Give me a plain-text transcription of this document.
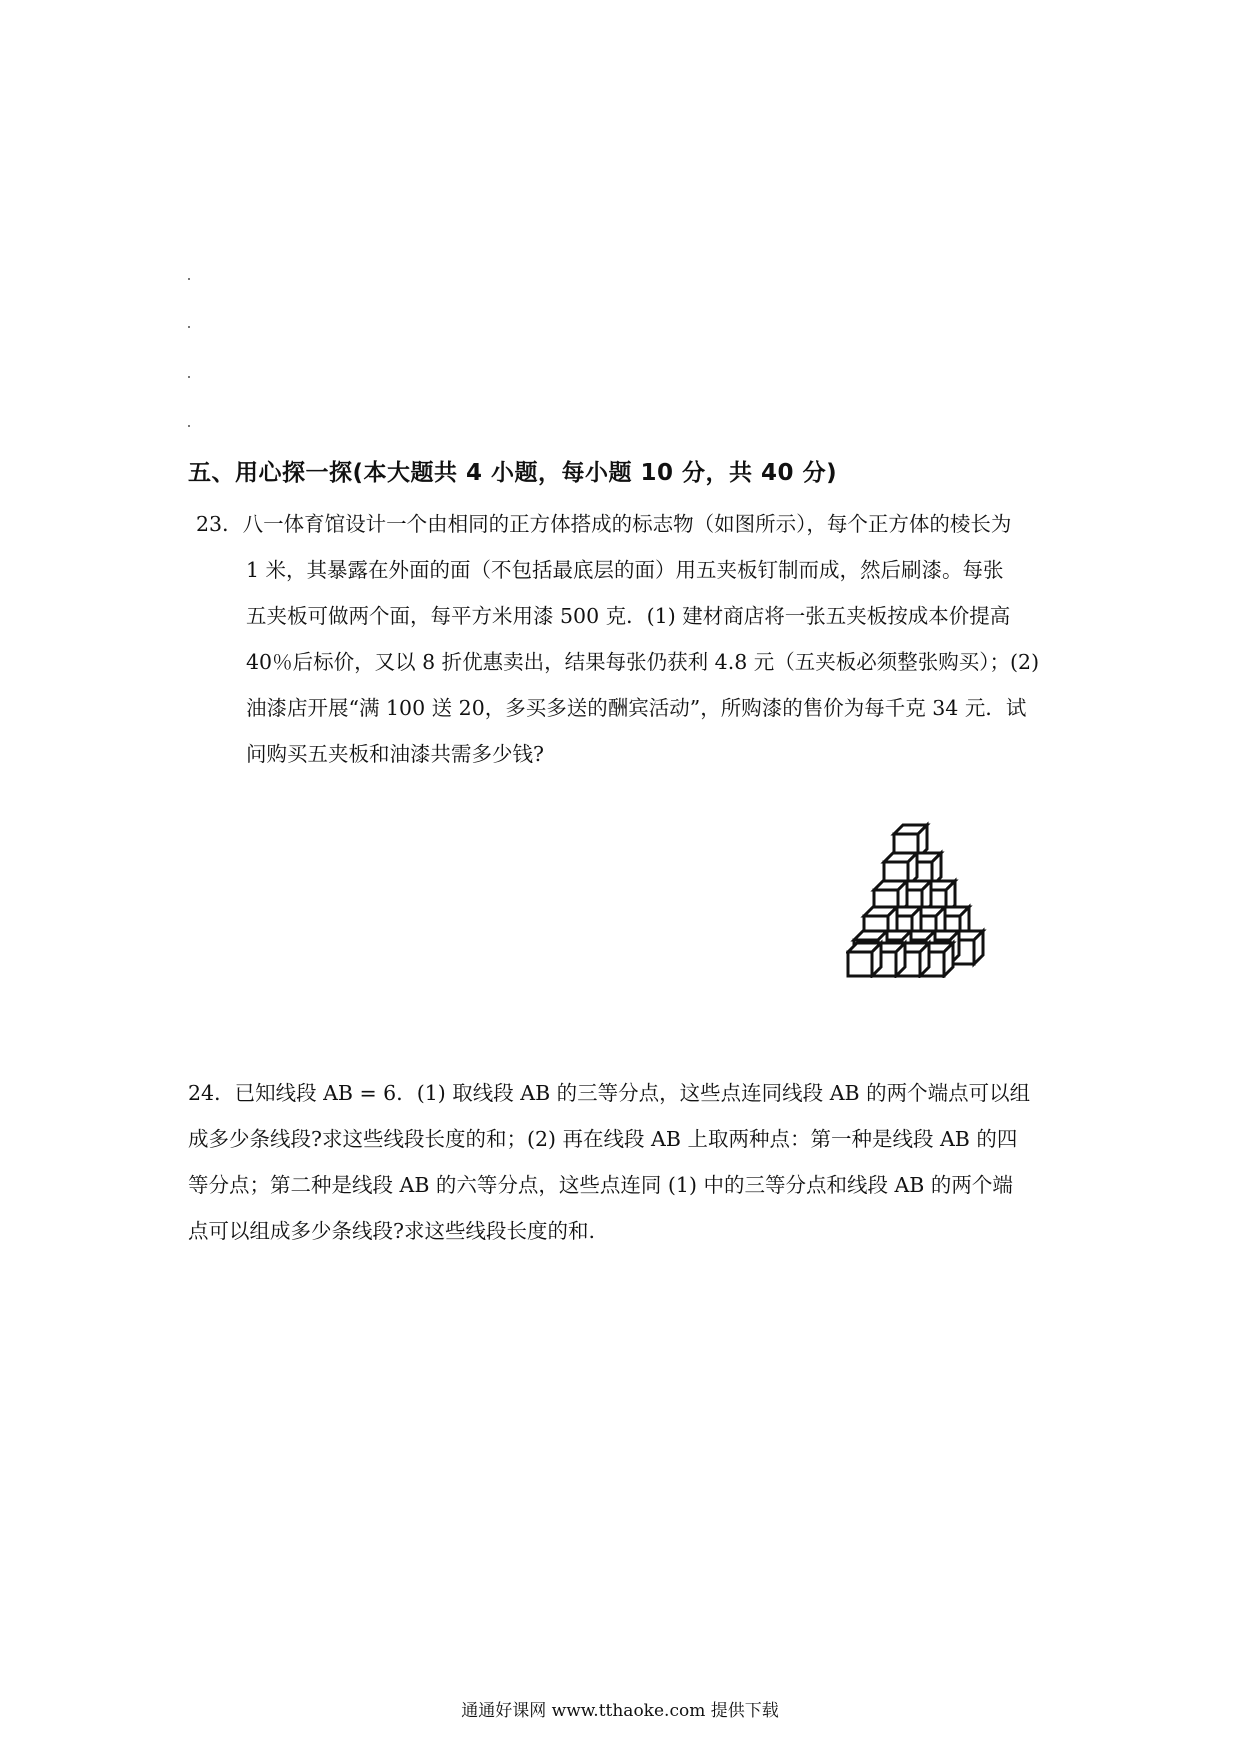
五、用心探一探(本大题共 4 小题，每小题 10 分，共 40 分)
23．八一体育馆设计一个由相同的正方体搭成的标志物（如图所示），每个正方体的棱长为
1 米，其暴露在外面的面（不包括最底层的面）用五夹板钉制而成，然后刷漆。每张
五夹板可做两个面，每平方米用漆 500 克．(1) 建材商店将一张五夹板按成本价提高
40％后标价，又以 8 折优惠卖出，结果每张仍获利 4.8 元（五夹板必须整张购买）；(2)
油漆店开展“满 100 送 20，多买多送的酬宾活动”，所购漆的售价为每千克 34 元．试
问购买五夹板和油漆共需多少钱?
24．已知线段 AB = 6．(1) 取线段 AB 的三等分点，这些点连同线段 AB 的两个端点可以组
成多少条线段?求这些线段长度的和；(2) 再在线段 AB 上取两种点：第一种是线段 AB 的四
等分点；第二种是线段 AB 的六等分点，这些点连同 (1) 中的三等分点和线段 AB 的两个端
点可以组成多少条线段?求这些线段长度的和.
通通好课网 www.tthaoke.com 提供下载
